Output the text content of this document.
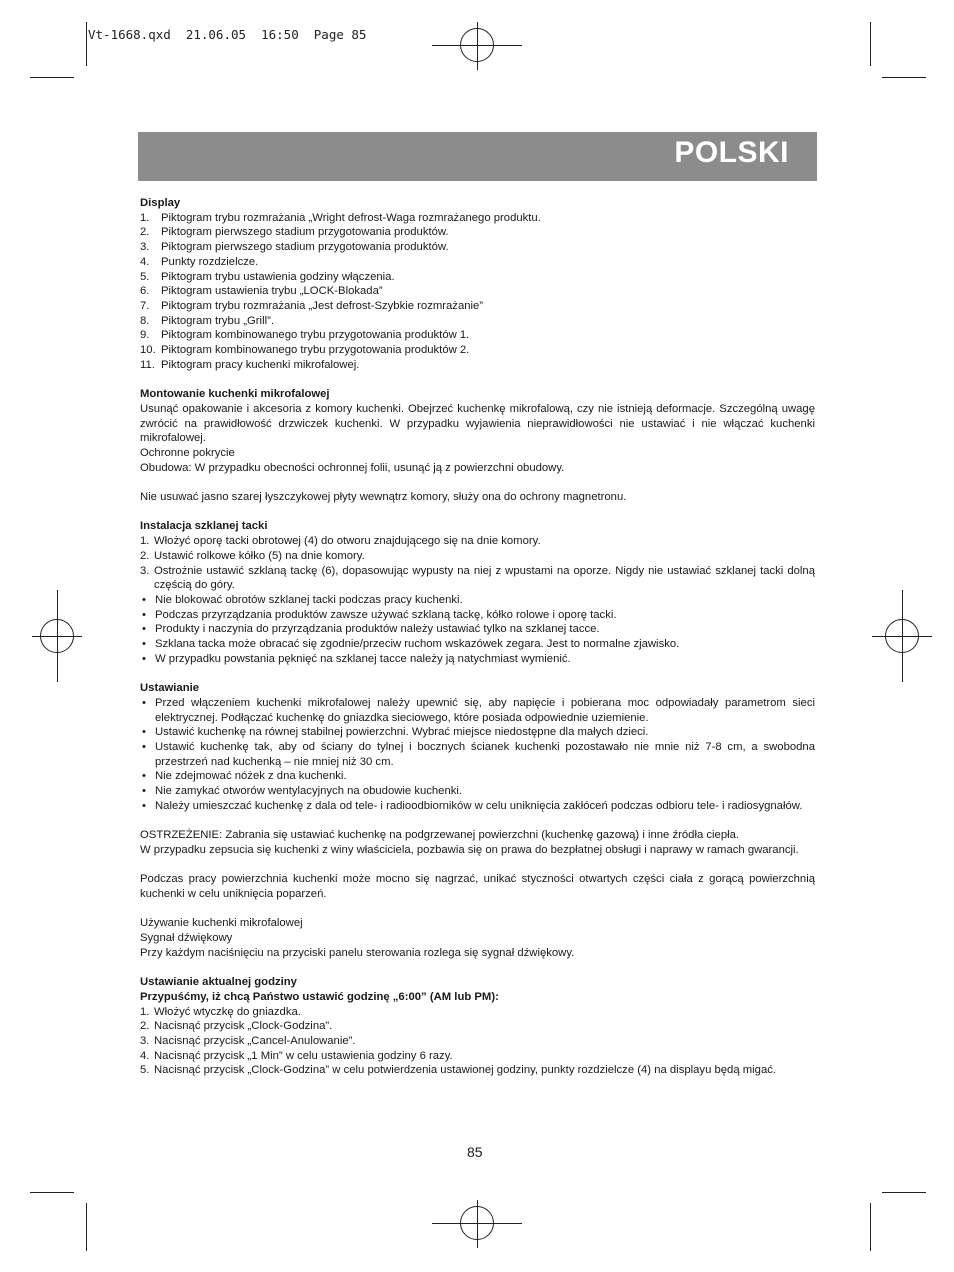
Vt-1668.qxd  21.06.05  16:50  Page 85
POLSKI

Display

1. Piktogram trybu rozmrażania „Wright defrost-Waga rozmrażanego produktu.
2. Piktogram pierwszego stadium przygotowania produktów.
3. Piktogram pierwszego stadium przygotowania produktów.
4. Punkty rozdzielcze.
5. Piktogram trybu ustawienia godziny włączenia.
6. Piktogram ustawienia trybu „LOCK-Blokada”
7. Piktogram trybu rozmrażania „Jest defrost-Szybkie rozmrażanie”
8. Piktogram trybu „Grill”.
9. Piktogram kombinowanego trybu przygotowania produktów 1.
10. Piktogram kombinowanego trybu przygotowania produktów 2.
11. Piktogram pracy kuchenki mikrofalowej.

Montowanie kuchenki mikrofalowej

Usunąć opakowanie i akcesoria z komory kuchenki. Obejrzeć kuchenkę mikrofalową, czy nie istnieją deformacje. Szczególną uwagę zwrócić na prawidłowość drzwiczek kuchenki. W przypadku wyjawienia nieprawidłowości nie ustawiać i nie włączać kuchenki mikrofalowej.

Ochronne pokrycie

Obudowa: W przypadku obecności ochronnej folii, usunąć ją z powierzchni obudowy.

Nie usuwać jasno szarej łyszczykowej płyty wewnątrz komory, służy ona do ochrony magnetronu.

Instalacja szklanej tacki

1. Włożyć oporę tacki obrotowej (4) do otworu znajdującego się na dnie komory.
2. Ustawić rolkowe kółko (5) na dnie komory.
3. Ostrożnie ustawić szklaną tackę (6), dopasowując wypusty na niej z wpustami na oporze. Nigdy nie ustawiać szklanej tacki dolną częścią do góry.
• Nie blokować obrotów szklanej tacki podczas pracy kuchenki.
• Podczas przyrządzania produktów zawsze używać szklaną tackę, kółko rolowe i oporę tacki.
• Produkty i naczynia do przyrządzania produktów należy ustawiać tylko na szklanej tacce.
• Szklana tacka może obracać się zgodnie/przeciw ruchom wskazówek zegara. Jest to normalne zjawisko.
• W przypadku powstania pęknięć na szklanej tacce należy ją natychmiast wymienić.

Ustawianie

• Przed włączeniem kuchenki mikrofalowej należy upewnić się, aby napięcie i pobierana moc odpowiadały parametrom sieci elektrycznej. Podłączać kuchenkę do gniazdka sieciowego, które posiada odpowiednie uziemienie.
• Ustawić kuchenkę na równej stabilnej powierzchni. Wybrać miejsce niedostępne dla małych dzieci.
• Ustawić kuchenkę tak, aby od ściany do tylnej i bocznych ścianek kuchenki pozostawało nie mnie niż 7-8 cm, a swobodna przestrzeń nad kuchenką – nie mniej niż 30 cm.
• Nie zdejmować nóżek z dna kuchenki.
• Nie zamykać otworów wentylacyjnych na obudowie kuchenki.
• Należy umieszczać kuchenkę z dala od tele- i radioodbiorników w celu uniknięcia zakłóceń podczas odbioru tele- i radiosygnałów.

OSTRZEŻENIE: Zabrania się ustawiać kuchenkę na podgrzewanej powierzchni (kuchenkę gazową) i inne źródła ciepła.

W przypadku zepsucia się kuchenki z winy właściciela, pozbawia się on prawa do bezpłatnej obsługi i naprawy w ramach gwarancji.

Podczas pracy powierzchnia kuchenki może mocno się nagrzać, unikać styczności otwartych części ciała z gorącą powierzchnią kuchenki w celu uniknięcia poparzeń.

Używanie kuchenki mikrofalowej

Sygnał dźwiękowy

Przy każdym naciśnięciu na przyciski panelu sterowania rozlega się sygnał dźwiękowy.

Ustawianie aktualnej godziny

Przypuśćmy, iż chcą Państwo ustawić godzinę „6:00” (AM lub PM):

1. Włożyć wtyczkę do gniazdka.
2. Nacisnąć przycisk „Clock-Godzina”.
3. Nacisnąć przycisk „Cancel-Anulowanie”.
4. Nacisnąć przycisk „1 Min” w celu ustawienia godziny 6 razy.
5. Nacisnąć przycisk „Clock-Godzina” w celu potwierdzenia ustawionej godziny, punkty rozdzielcze (4) na displayu będą migać.
85
